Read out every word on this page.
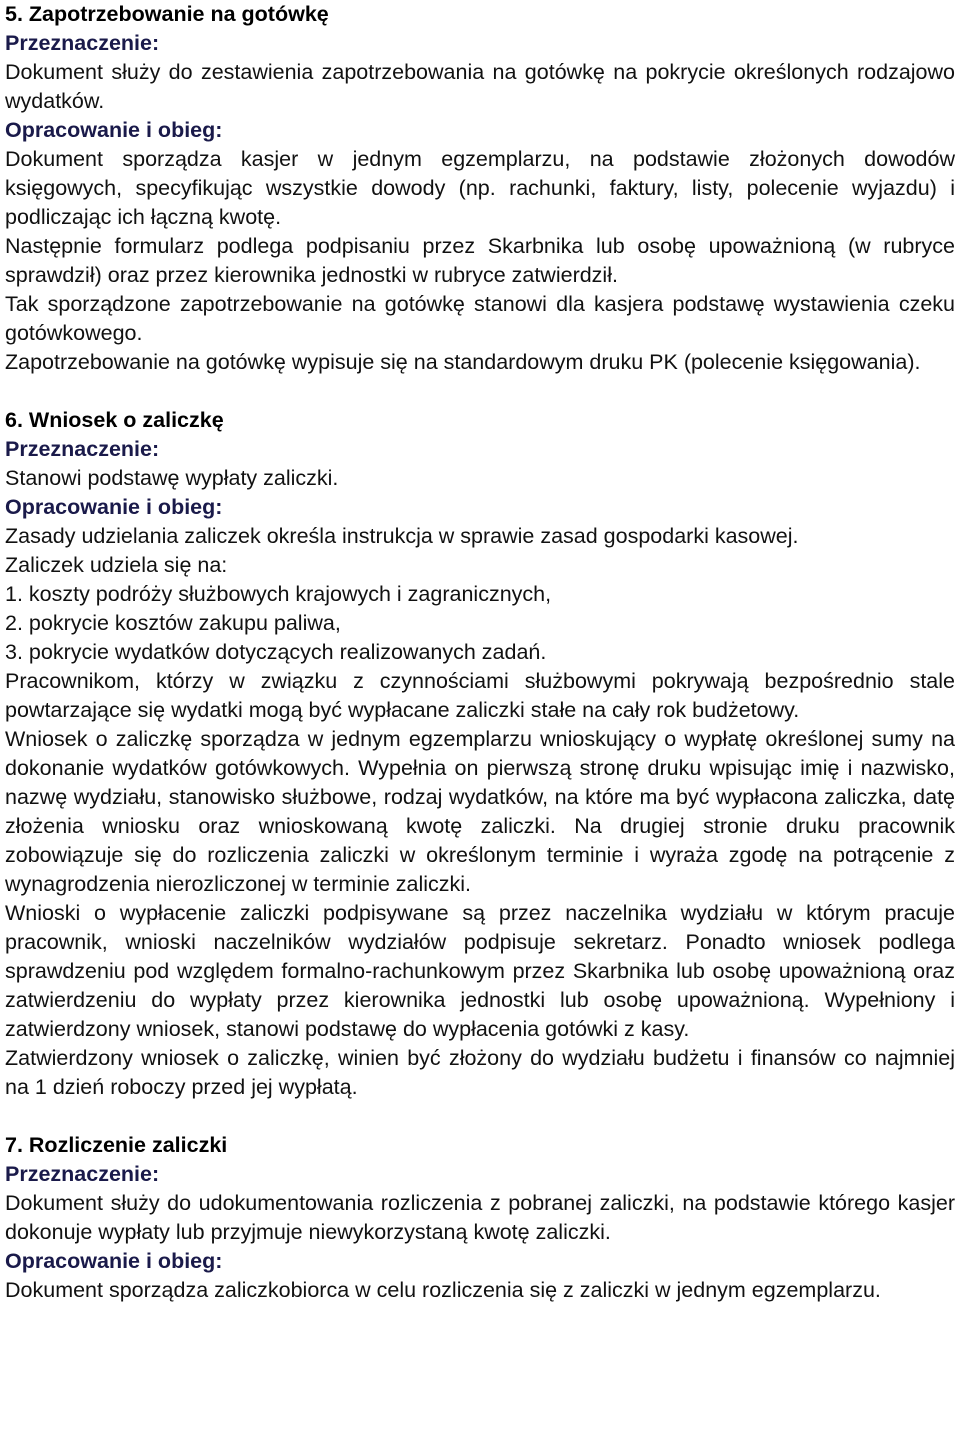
5. Zapotrzebowanie na gotówkę
Przeznaczenie:
Dokument służy do zestawienia zapotrzebowania na gotówkę na pokrycie określonych rodzajowo wydatków.
Opracowanie i obieg:
Dokument sporządza kasjer w jednym egzemplarzu, na podstawie złożonych dowodów księgowych, specyfikując wszystkie dowody (np. rachunki, faktury, listy, polecenie wyjazdu) i podliczając ich łączną kwotę.
Następnie formularz podlega podpisaniu przez Skarbnika lub osobę upoważnioną (w rubryce sprawdził) oraz przez kierownika jednostki w rubryce zatwierdził.
Tak sporządzone zapotrzebowanie na gotówkę stanowi dla kasjera podstawę wystawienia czeku gotówkowego.
Zapotrzebowanie na gotówkę wypisuje się na standardowym druku PK (polecenie księgowania).
6. Wniosek o zaliczkę
Przeznaczenie:
Stanowi podstawę wypłaty zaliczki.
Opracowanie i obieg:
Zasady udzielania zaliczek określa instrukcja w sprawie zasad gospodarki kasowej.
Zaliczek udziela się na:
1. koszty podróży służbowych krajowych i zagranicznych,
2. pokrycie kosztów zakupu paliwa,
3. pokrycie wydatków dotyczących realizowanych zadań.
Pracownikom, którzy w związku z czynnościami służbowymi pokrywają bezpośrednio stale powtarzające się wydatki mogą być wypłacane zaliczki stałe na cały rok budżetowy.
Wniosek o zaliczkę sporządza w jednym egzemplarzu wnioskujący o wypłatę określonej sumy na dokonanie wydatków gotówkowych. Wypełnia on pierwszą stronę druku wpisując imię i nazwisko, nazwę wydziału, stanowisko służbowe, rodzaj wydatków, na które ma być wypłacona zaliczka, datę złożenia wniosku oraz wnioskowaną kwotę zaliczki. Na drugiej stronie druku pracownik zobowiązuje się do rozliczenia zaliczki w określonym terminie i wyraża zgodę na potrącenie z wynagrodzenia nierozliczonej w terminie zaliczki.
Wnioski o wypłacenie zaliczki podpisywane są przez naczelnika wydziału w którym pracuje pracownik, wnioski naczelników wydziałów podpisuje sekretarz. Ponadto wniosek podlega sprawdzeniu pod względem formalno-rachunkowym przez Skarbnika lub osobę upoważnioną oraz zatwierdzeniu do wypłaty przez kierownika jednostki lub osobę upoważnioną. Wypełniony i zatwierdzony wniosek, stanowi podstawę do wypłacenia gotówki z kasy.
Zatwierdzony wniosek o zaliczkę, winien być złożony do wydziału budżetu i finansów co najmniej na 1 dzień roboczy przed jej wypłatą.
7. Rozliczenie zaliczki
Przeznaczenie:
Dokument służy do udokumentowania rozliczenia z pobranej zaliczki, na podstawie którego kasjer dokonuje wypłaty lub przyjmuje niewykorzystaną kwotę zaliczki.
Opracowanie i obieg:
Dokument sporządza zaliczkobiorca w celu rozliczenia się z zaliczki w jednym egzemplarzu.
